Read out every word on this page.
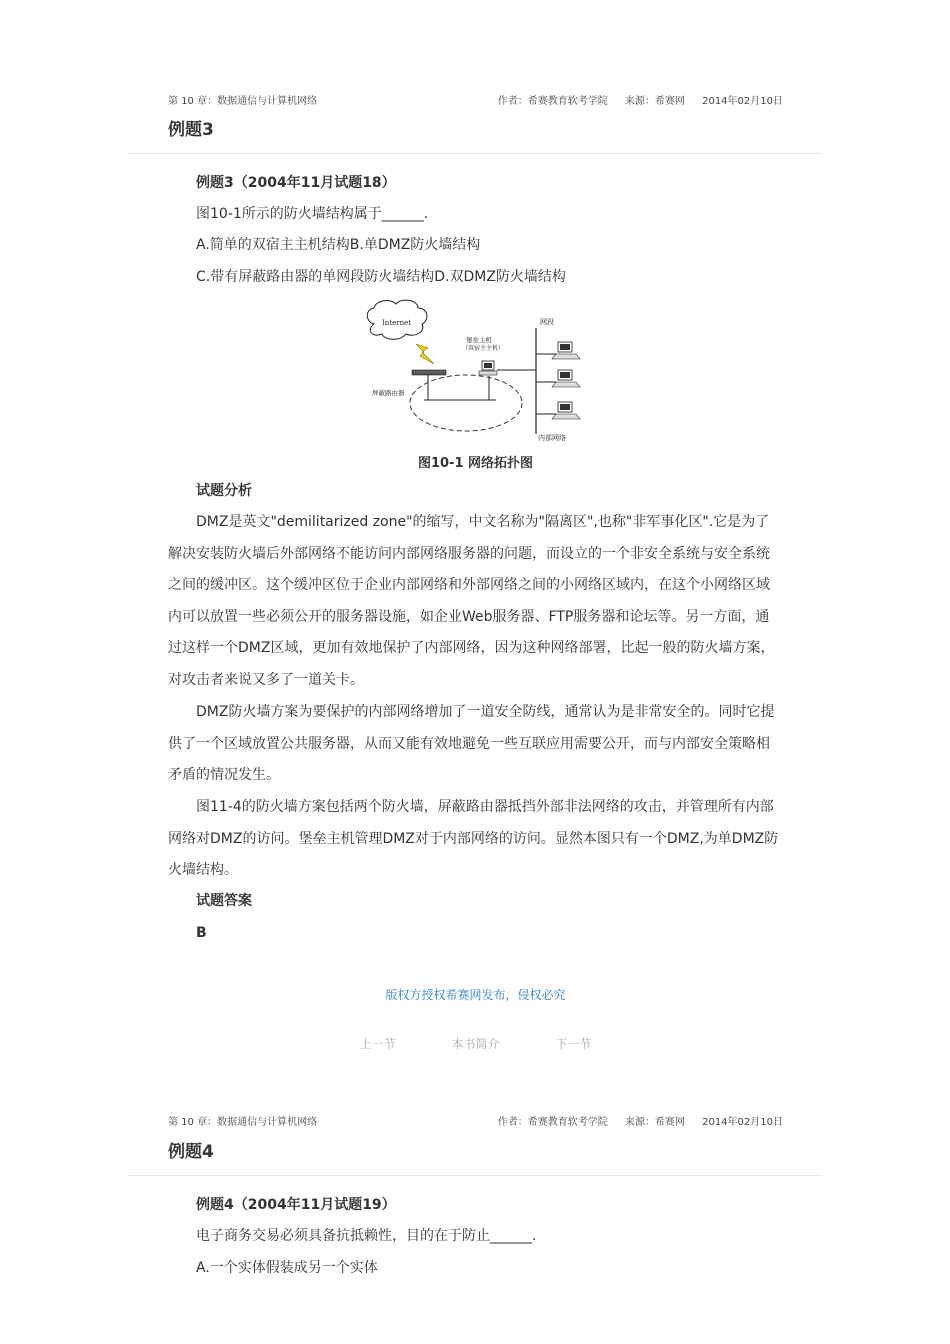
第 10 章：数据通信与计算机网络	作者：希赛教育软考学院 来源：希赛网 2014年02月10日
例题3
例题3（2004年11月试题18）
图10-1所示的防火墙结构属于______.
A.简单的双宿主主机结构B.单DMZ防火墙结构
C.带有屏蔽路由器的单网段防火墙结构D.双DMZ防火墙结构
Internet
屏蔽路由器
堡垒主机
（双宿主主机）
网段
内部网络
图10-1 网络拓扑图
试题分析
DMZ是英文"demilitarized zone"的缩写，中文名称为"隔离区",也称"非军事化区".它是为了解决安装防火墙后外部网络不能访问内部网络服务器的问题，而设立的一个非安全系统与安全系统之间的缓冲区。这个缓冲区位于企业内部网络和外部网络之间的小网络区域内，在这个小网络区域内可以放置一些必须公开的服务器设施，如企业Web服务器、FTP服务器和论坛等。另一方面，通过这样一个DMZ区域，更加有效地保护了内部网络，因为这种网络部署，比起一般的防火墙方案，对攻击者来说又多了一道关卡。
DMZ防火墙方案为要保护的内部网络增加了一道安全防线，通常认为是非常安全的。同时它提供了一个区域放置公共服务器，从而又能有效地避免一些互联应用需要公开，而与内部安全策略相矛盾的情况发生。
图11-4的防火墙方案包括两个防火墙，屏蔽路由器抵挡外部非法网络的攻击，并管理所有内部网络对DMZ的访问。堡垒主机管理DMZ对于内部网络的访问。显然本图只有一个DMZ,为单DMZ防火墙结构。
试题答案
B
版权方授权希赛网发布，侵权必究
上一节	本书简介	下一节
第 10 章：数据通信与计算机网络	作者：希赛教育软考学院 来源：希赛网 2014年02月10日
例题4
例题4（2004年11月试题19）
电子商务交易必须具备抗抵赖性，目的在于防止______.
A.一个实体假装成另一个实体
